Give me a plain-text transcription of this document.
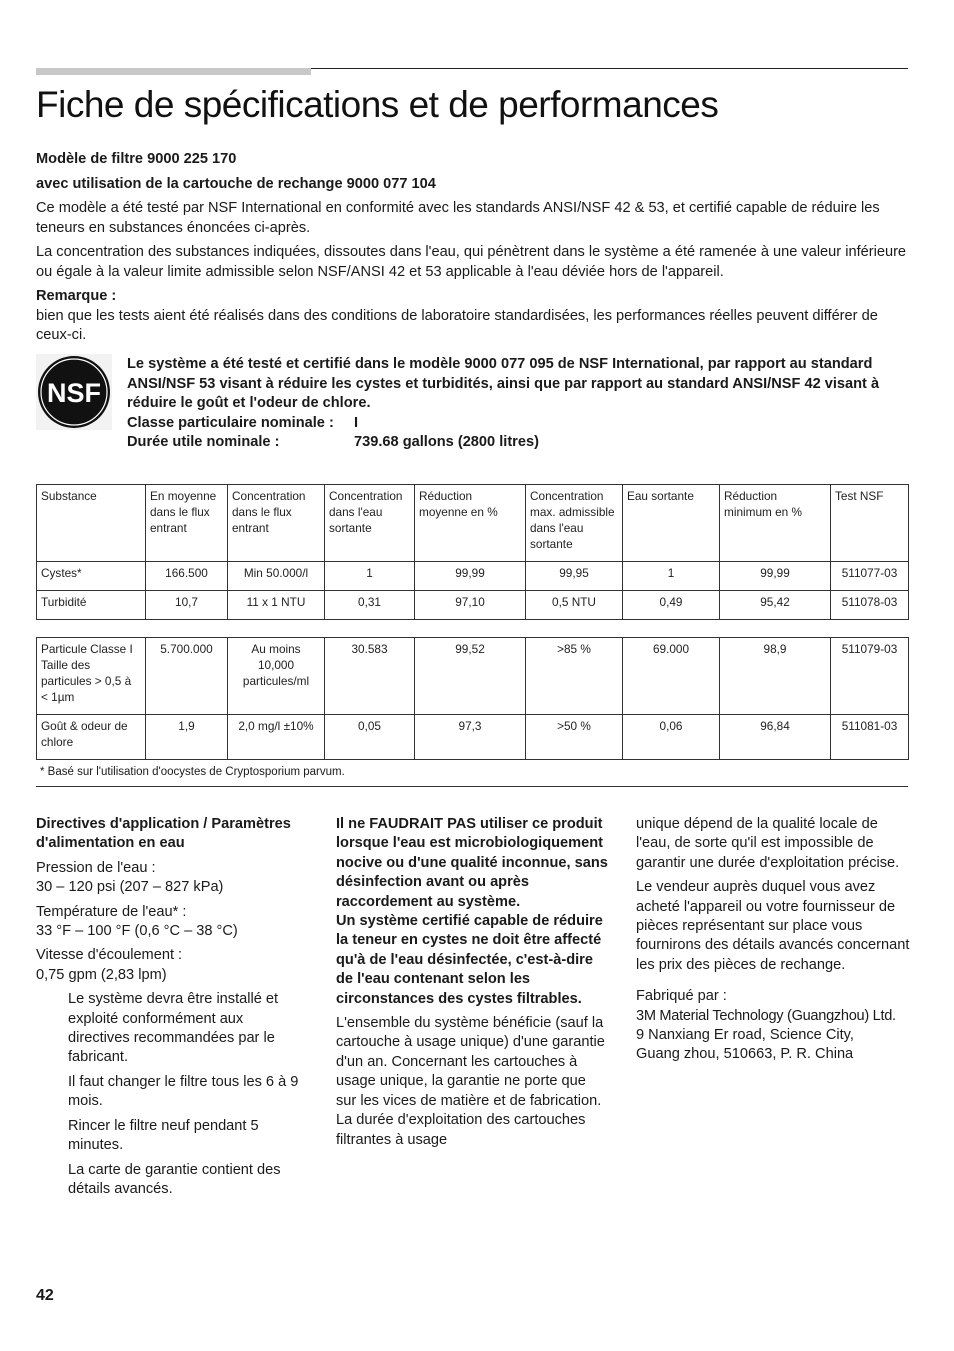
Fiche de spécifications et de performances

Modèle de filtre 9000 225 170

avec utilisation de la cartouche de rechange 9000 077 104

Ce modèle a été testé par NSF International en conformité avec les standards ANSI/NSF 42 & 53, et certifié capable de réduire les teneurs en substances énoncées ci-après.

La concentration des substances indiquées, dissoutes dans l'eau, qui pénètrent dans le système a été ramenée à une valeur inférieure ou égale à la valeur limite admissible selon NSF/ANSI 42 et 53 applicable à l'eau déviée hors de l'appareil.

Remarque :

bien que les tests aient été réalisés dans des conditions de laboratoire standardisées, les performances réelles peuvent différer de ceux-ci.

NSF
Le système a été testé et certifié dans le modèle 9000 077 095 de NSF International, par rapport au standard ANSI/NSF 53 visant à réduire les cystes et turbidités, ainsi que par rapport au standard ANSI/NSF 42 visant à réduire le goût et l'odeur de chlore.
Classe particulaire nominale :	I
Durée utile nominale :	739.68 gallons (2800 litres)
Substance	En moyenne dans le flux entrant	Concentration dans le flux entrant	Concentration dans l'eau sortante	Réduction moyenne en %	Concentration max. admissible dans l'eau sortante	Eau sortante	Réduction minimum en %	Test NSF
Cystes*	166.500	Min 50.000/l	1	99,99	99,95	1	99,99	511077-03
Turbidité	10,7	11 x 1 NTU	0,31	97,10	0,5 NTU	0,49	95,42	511078-03
Particule Classe I Taille des particules > 0,5 à < 1µm	5.700.000	Au moins 10,000 particules/ml	30.583	99,52	>85 %	69.000	98,9	511079-03
Goût & odeur de chlore	1,9	2,0 mg/l ±10%	0,05	97,3	>50 %	0,06	96,84	511081-03
* Basé sur l'utilisation d'oocystes de Cryptosporium parvum.

Directives d'application / Paramètres d'alimentation en eau

Pression de l'eau :
30 – 120 psi (207 – 827 kPa)

Température de l'eau* :
33 °F – 100 °F (0,6 °C – 38 °C)

Vitesse d'écoulement :
0,75 gpm (2,83 lpm)

Le système devra être installé et exploité conformément aux directives recommandées par le fabricant.

Il faut changer le filtre tous les 6 à 9 mois.

Rincer le filtre neuf pendant 5 minutes.

La carte de garantie contient des détails avancés.

Il ne FAUDRAIT PAS utiliser ce produit lorsque l'eau est microbiologiquement nocive ou d'une qualité inconnue, sans désinfection avant ou après raccordement au système.
Un système certifié capable de réduire la teneur en cystes ne doit être affecté qu'à de l'eau désinfectée, c'est-à-dire de l'eau contenant selon les circonstances des cystes filtrables.

L'ensemble du système bénéficie (sauf la cartouche à usage unique) d'une garantie d'un an. Concernant les cartouches à usage unique, la garantie ne porte que sur les vices de matière et de fabrication. La durée d'exploitation des cartouches filtrantes à usage

unique dépend de la qualité locale de l'eau, de sorte qu'il est impossible de garantir une durée d'exploitation précise.

Le vendeur auprès duquel vous avez acheté l'appareil ou votre fournisseur de pièces représentant sur place vous fournirons des détails avancés concernant les prix des pièces de rechange.

Fabriqué par :
3M Material Technology (Guangzhou) Ltd.
9 Nanxiang Er road, Science City,
Guang zhou, 510663, P. R. China

42
